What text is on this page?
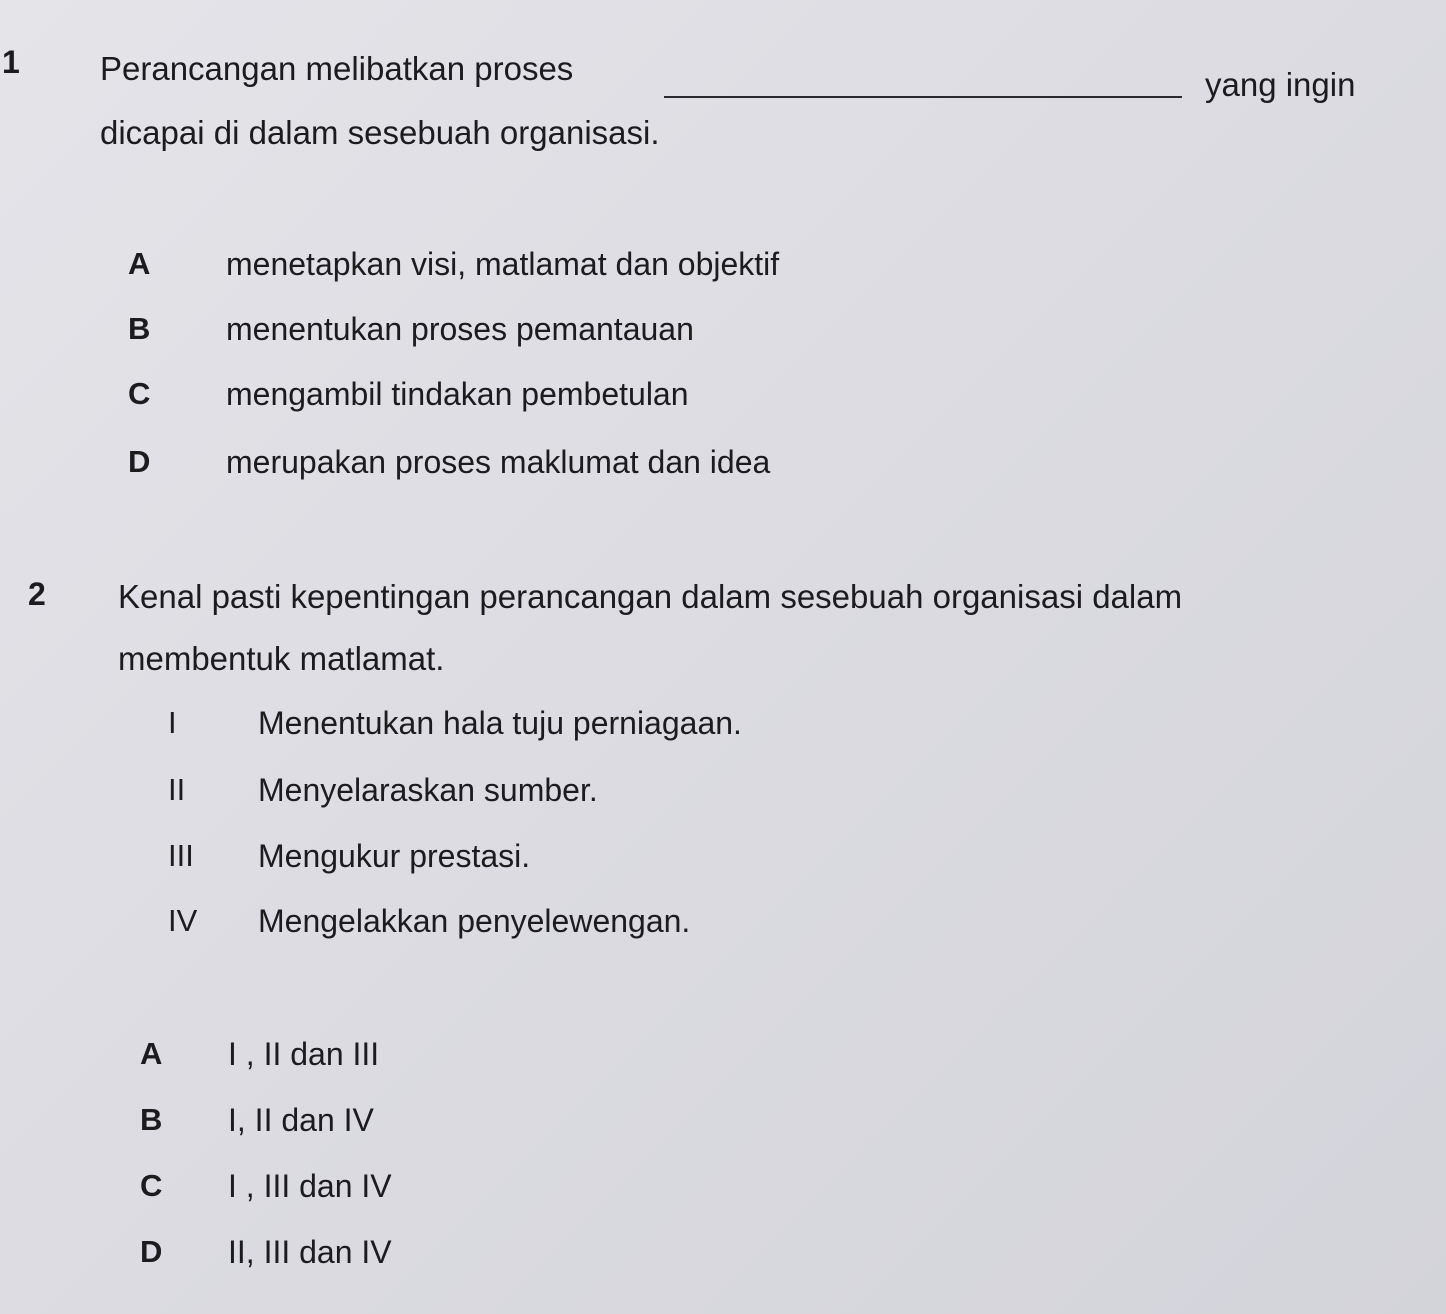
1 Perancangan melibatkan proses	yang ingin
dicapai di dalam sesebuah organisasi.
A menetapkan visi, matlamat dan objektif
B menentukan proses pemantauan
C mengambil tindakan pembetulan
D merupakan proses maklumat dan idea
2 Kenal pasti kepentingan perancangan dalam sesebuah organisasi dalam
membentuk matlamat.
I	Menentukan hala tuju perniagaan.
II Menyelaraskan sumber.
III Mengukur prestasi.
IV Mengelakkan penyelewengan.
A I , II dan III
B I, II dan IV
C I , III dan IV
D II, III dan IV
